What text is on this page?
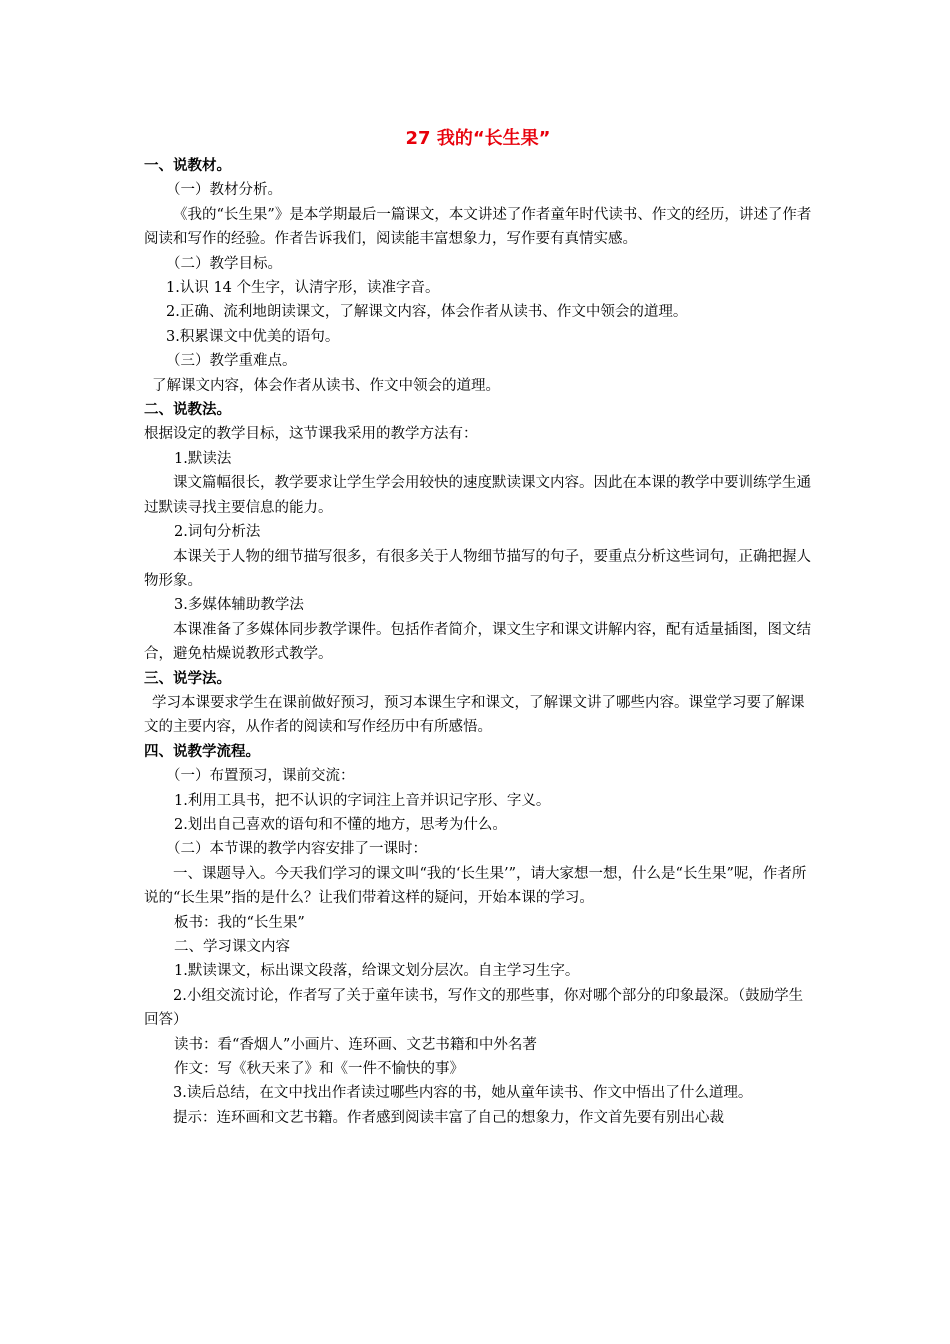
27 我的“长生果”

一、说教材。

（一）教材分析。

《我的“长生果”》是本学期最后一篇课文，本文讲述了作者童年时代读书、作文的经历，讲述了作者阅读和写作的经验。作者告诉我们，阅读能丰富想象力，写作要有真情实感。

（二）教学目标。

1.认识 14 个生字，认清字形，读准字音。

2.正确、流利地朗读课文，了解课文内容，体会作者从读书、作文中领会的道理。

3.积累课文中优美的语句。

（三）教学重难点。

了解课文内容，体会作者从读书、作文中领会的道理。

二、说教法。

根据设定的教学目标，这节课我采用的教学方法有：

1.默读法

课文篇幅很长，教学要求让学生学会用较快的速度默读课文内容。因此在本课的教学中要训练学生通过默读寻找主要信息的能力。

2.词句分析法

本课关于人物的细节描写很多，有很多关于人物细节描写的句子，要重点分析这些词句，正确把握人物形象。

3.多媒体辅助教学法

本课准备了多媒体同步教学课件。包括作者简介，课文生字和课文讲解内容，配有适量插图，图文结合，避免枯燥说教形式教学。

三、说学法。

学习本课要求学生在课前做好预习，预习本课生字和课文，了解课文讲了哪些内容。课堂学习要了解课文的主要内容，从作者的阅读和写作经历中有所感悟。

四、说教学流程。

（一）布置预习，课前交流：

1.利用工具书，把不认识的字词注上音并识记字形、字义。

2.划出自己喜欢的语句和不懂的地方，思考为什么。

（二）本节课的教学内容安排了一课时：

一、课题导入。今天我们学习的课文叫“我的‘长生果’”，请大家想一想，什么是“长生果”呢，作者所说的“长生果”指的是什么？让我们带着这样的疑问，开始本课的学习。

板书：我的“长生果”

二、学习课文内容

1.默读课文，标出课文段落，给课文划分层次。自主学习生字。

2.小组交流讨论，作者写了关于童年读书，写作文的那些事，你对哪个部分的印象最深。（鼓励学生回答）

读书：看“香烟人”小画片、连环画、文艺书籍和中外名著

作文：写《秋天来了》和《一件不愉快的事》

3.读后总结，在文中找出作者读过哪些内容的书，她从童年读书、作文中悟出了什么道理。

提示：连环画和文艺书籍。作者感到阅读丰富了自己的想象力，作文首先要有别出心裁
